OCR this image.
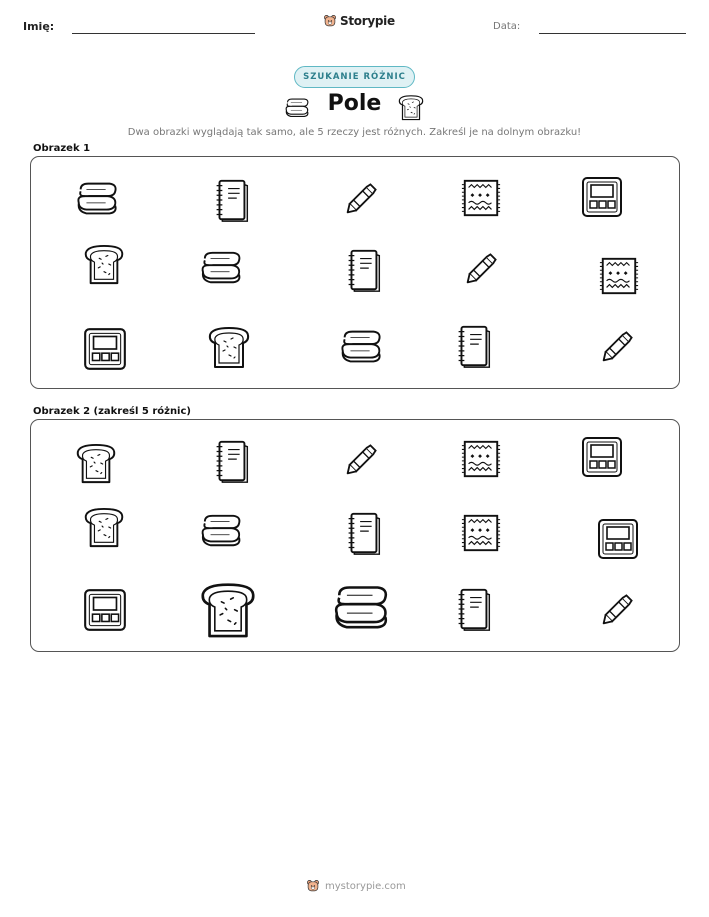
Imię:	Storypie	Data:
SZUKANIE RÓŻNIC
Pole
Dwa obrazki wyglądają tak samo, ale 5 rzeczy jest różnych. Zakreśl je na dolnym obrazku!
Obrazek 1
Obrazek 2 (zakreśl 5 różnic)
mystorypie.com
